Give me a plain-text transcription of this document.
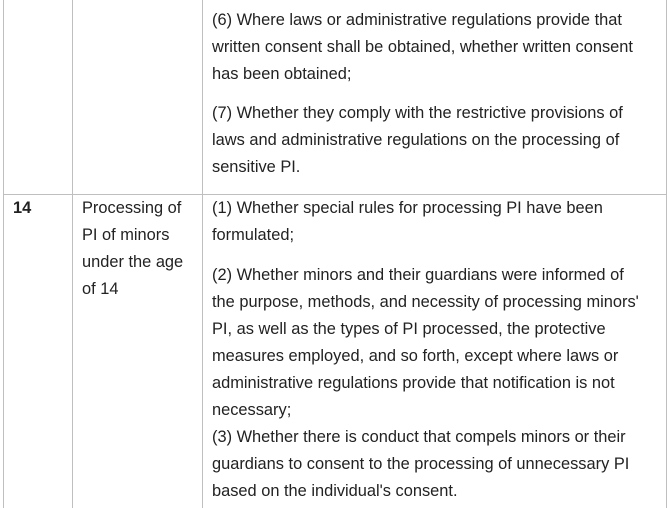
(6) Where laws or administrative regulations provide that

written consent shall be obtained, whether written consent

has been obtained;

(7) Whether they comply with the restrictive provisions of

laws and administrative regulations on the processing of

sensitive PI.

14	Processing of

PI of minors

under the age

of 14

(1) Whether special rules for processing PI have been

formulated;

(2) Whether minors and their guardians were informed of

the purpose, methods, and necessity of processing minors'

PI, as well as the types of PI processed, the protective

measures employed, and so forth, except where laws or

administrative regulations provide that notification is not

necessary;

(3) Whether there is conduct that compels minors or their

guardians to consent to the processing of unnecessary PI

based on the individual's consent.
